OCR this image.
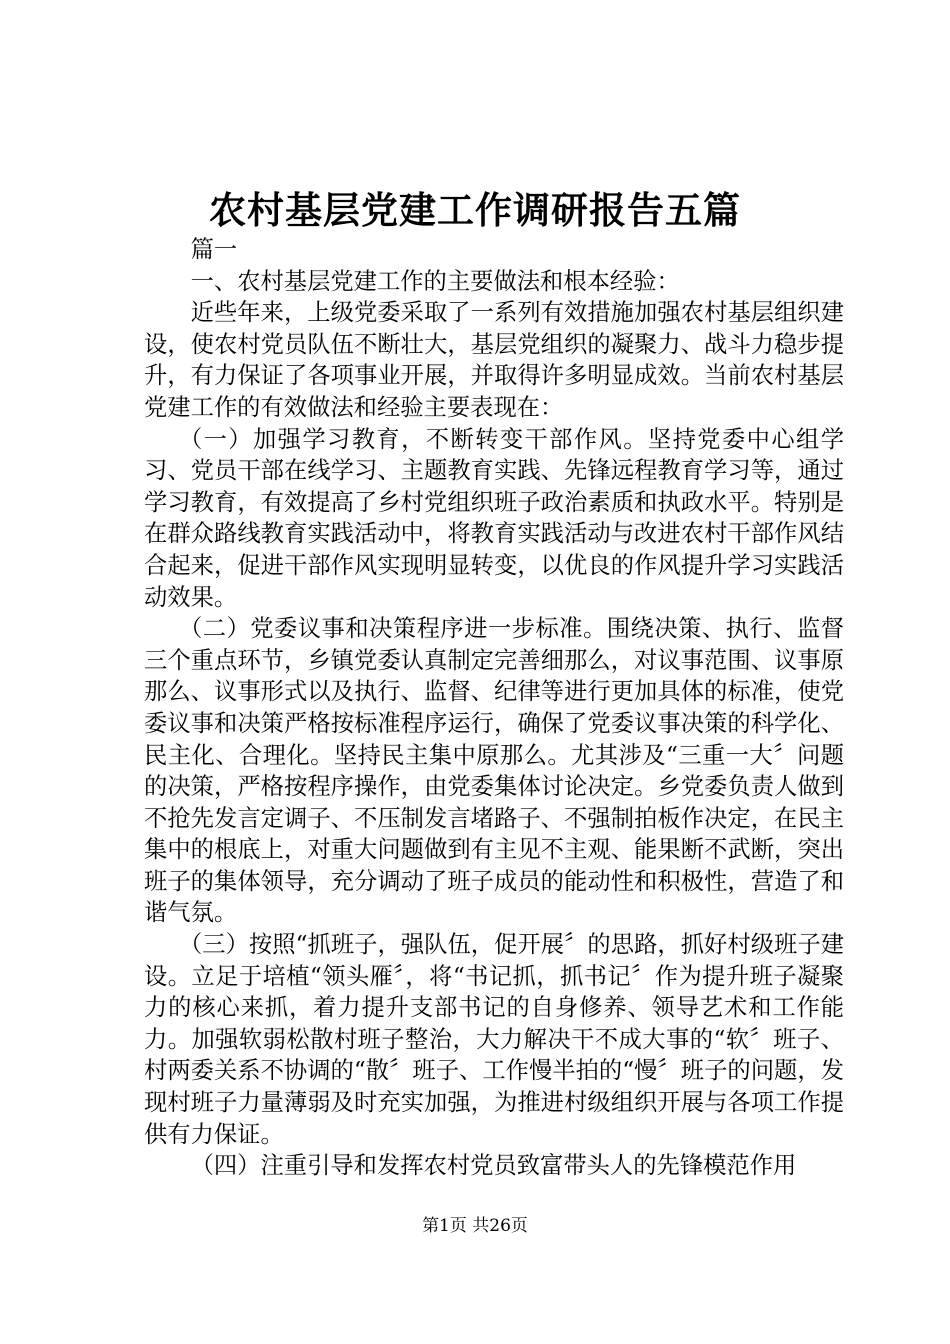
农村基层党建工作调研报告五篇

篇一

一、农村基层党建工作的主要做法和根本经验：

近些年来，上级党委采取了一系列有效措施加强农村基层组织建设，使农村党员队伍不断壮大，基层党组织的凝聚力、战斗力稳步提升，有力保证了各项事业开展，并取得许多明显成效。当前农村基层党建工作的有效做法和经验主要表现在：

（一）加强学习教育，不断转变干部作风。坚持党委中心组学习、党员干部在线学习、主题教育实践、先锋远程教育学习等，通过学习教育，有效提高了乡村党组织班子政治素质和执政水平。特别是在群众路线教育实践活动中，将教育实践活动与改进农村干部作风结合起来，促进干部作风实现明显转变，以优良的作风提升学习实践活动效果。

（二）党委议事和决策程序进一步标准。围绕决策、执行、监督三个重点环节，乡镇党委认真制定完善细那么，对议事范围、议事原那么、议事形式以及执行、监督、纪律等进行更加具体的标准，使党委议事和决策严格按标准程序运行，确保了党委议事决策的科学化、民主化、合理化。坚持民主集中原那么。尤其涉及“三重一大〞问题的决策，严格按程序操作，由党委集体讨论决定。乡党委负责人做到不抢先发言定调子、不压制发言堵路子、不强制拍板作决定，在民主集中的根底上，对重大问题做到有主见不主观、能果断不武断，突出班子的集体领导，充分调动了班子成员的能动性和积极性，营造了和谐气氛。

（三）按照“抓班子，强队伍，促开展〞的思路，抓好村级班子建设。立足于培植“领头雁〞，将“书记抓，抓书记〞作为提升班子凝聚力的核心来抓，着力提升支部书记的自身修养、领导艺术和工作能力。加强软弱松散村班子整治，大力解决干不成大事的“软〞班子、村两委关系不协调的“散〞班子、工作慢半拍的“慢〞班子的问题，发现村班子力量薄弱及时充实加强，为推进村级组织开展与各项工作提供有力保证。

（四）注重引导和发挥农村党员致富带头人的先锋模范作用

第1页 共26页
